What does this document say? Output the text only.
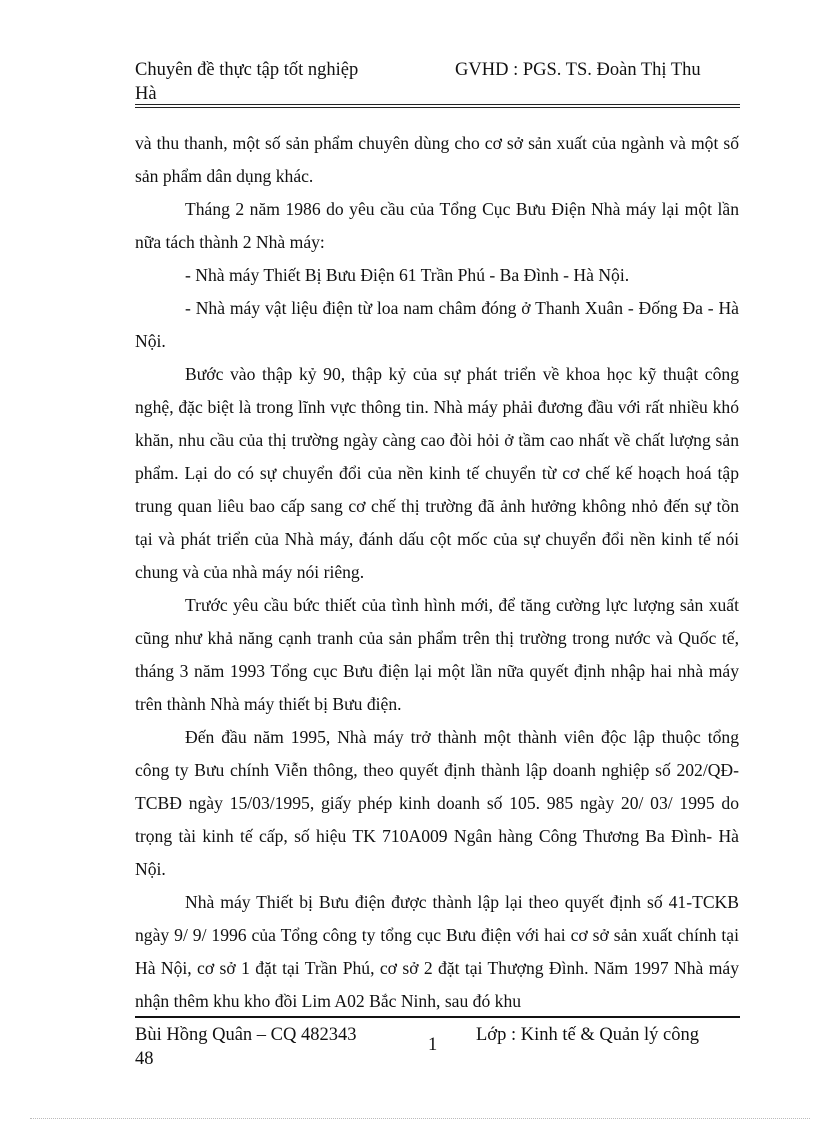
Chuyên đề thực tập tốt nghiệp
Hà
GVHD : PGS. TS. Đoàn Thị Thu

và thu thanh, một số sản phẩm chuyên dùng cho cơ sở sản xuất của ngành và một số sản phẩm dân dụng khác.

Tháng 2 năm 1986 do yêu cầu của Tổng Cục Bưu Điện Nhà máy lại một lần nữa tách thành 2 Nhà máy:

- Nhà máy Thiết Bị Bưu Điện 61 Trần Phú - Ba Đình - Hà Nội.

- Nhà máy vật liệu điện từ loa nam châm đóng ở Thanh Xuân - Đống Đa - Hà Nội.

Bước vào thập kỷ 90, thập kỷ của sự phát triển về khoa học kỹ thuật công nghệ, đặc biệt là trong lĩnh vực thông tin. Nhà máy phải đương đầu với rất nhiều khó khăn, nhu cầu của thị trường ngày càng cao đòi hỏi ở tầm cao nhất về chất lượng sản phẩm. Lại do có sự chuyển đổi của nền kinh tế chuyển từ cơ chế kế hoạch hoá tập trung quan liêu bao cấp sang cơ chế thị trường đã ảnh hưởng không nhỏ đến sự tồn tại và phát triển của Nhà máy, đánh dấu cột mốc của sự chuyển đổi nền kinh tế nói chung và của nhà máy nói riêng.

Trước yêu cầu bức thiết của tình hình mới, để tăng cường lực lượng sản xuất cũng như khả năng cạnh tranh của sản phẩm trên thị trường trong nước và Quốc tế, tháng 3 năm 1993 Tổng cục Bưu điện lại một lần nữa quyết định nhập hai nhà máy trên thành Nhà máy thiết bị Bưu điện.

Đến đầu năm 1995, Nhà máy trở thành một thành viên độc lập thuộc tổng công ty Bưu chính Viễn thông, theo quyết định thành lập doanh nghiệp số 202/QĐ- TCBĐ ngày 15/03/1995, giấy phép kinh doanh số 105. 985 ngày 20/ 03/ 1995 do trọng tài kinh tế cấp, số hiệu TK 710A009 Ngân hàng Công Thương Ba Đình- Hà Nội.

Nhà máy Thiết bị Bưu điện được thành lập lại theo quyết định số 41-TCKB ngày 9/ 9/ 1996 của Tổng công ty tổng cục Bưu điện với hai cơ sở sản xuất chính tại Hà Nội, cơ sở 1 đặt tại Trần Phú, cơ sở 2 đặt tại Thượng Đình. Năm 1997 Nhà máy nhận thêm khu kho đồi Lim A02 Bắc Ninh, sau đó khu

Bùi Hồng Quân – CQ 482343
48
1 Lớp : Kinh tế & Quản lý công
